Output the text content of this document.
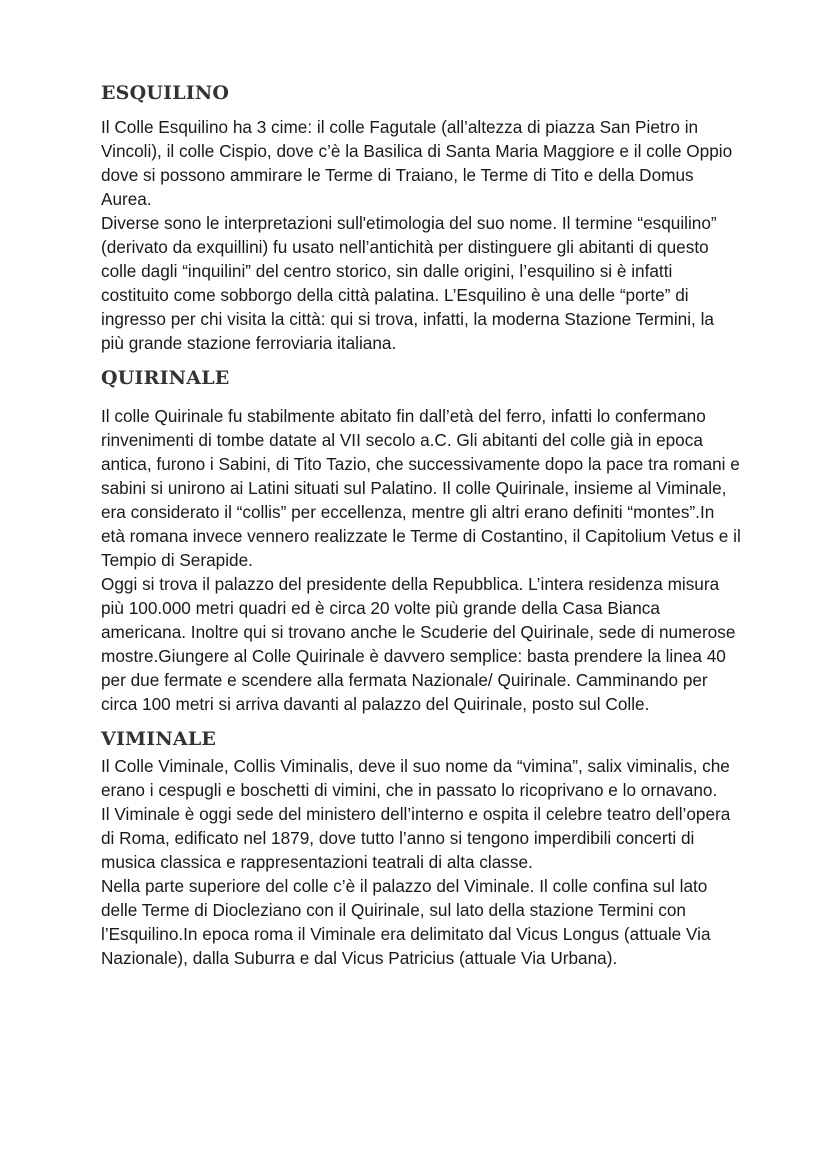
ESQUILINO

Il Colle Esquilino ha 3 cime: il colle Fagutale (all’altezza di piazza San Pietro in Vincoli), il colle Cispio, dove c’è la Basilica di Santa Maria Maggiore e il colle Oppio dove si possono ammirare le Terme di Traiano, le Terme di Tito e della Domus Aurea.

Diverse sono le interpretazioni sull'etimologia del suo nome. Il termine “esquilino” (derivato da exquillini) fu usato nell’antichità per distinguere gli abitanti di questo colle dagli “inquilini” del centro storico, sin dalle origini, l’esquilino si è infatti costituito come sobborgo della città palatina. L’Esquilino è una delle “porte” di ingresso per chi visita la città: qui si trova, infatti, la moderna Stazione Termini, la più grande stazione ferroviaria italiana.

QUIRINALE

Il colle Quirinale fu stabilmente abitato fin dall’età del ferro, infatti lo confermano rinvenimenti di tombe datate al VII secolo a.C. Gli abitanti del colle già in epoca antica, furono i Sabini, di Tito Tazio, che successivamente dopo la pace tra romani e sabini si unirono ai Latini situati sul Palatino. Il colle Quirinale, insieme al Viminale, era considerato il “collis” per eccellenza, mentre gli altri erano definiti “montes”.In età romana invece vennero realizzate le Terme di Costantino, il Capitolium Vetus e il Tempio di Serapide.

Oggi si trova il palazzo del presidente della Repubblica. L’intera residenza misura più 100.000 metri quadri ed è circa 20 volte più grande della Casa Bianca americana. Inoltre qui si trovano anche le Scuderie del Quirinale, sede di numerose mostre.Giungere al Colle Quirinale è davvero semplice: basta prendere la linea 40 per due fermate e scendere alla fermata Nazionale/ Quirinale. Camminando per circa 100 metri si arriva davanti al palazzo del Quirinale, posto sul Colle.

VIMINALE

Il Colle Viminale, Collis Viminalis, deve il suo nome da “vimina”, salix viminalis, che erano i cespugli e boschetti di vimini, che in passato lo ricoprivano e lo ornavano.

Il Viminale è oggi sede del ministero dell’interno e ospita il celebre teatro dell’opera di Roma, edificato nel 1879, dove tutto l’anno si tengono imperdibili concerti di musica classica e rappresentazioni teatrali di alta classe.

Nella parte superiore del colle c’è il palazzo del Viminale. Il colle confina sul lato delle Terme di Diocleziano con il Quirinale, sul lato della stazione Termini con l’Esquilino.In epoca roma il Viminale era delimitato dal Vicus Longus (attuale Via Nazionale), dalla Suburra e dal Vicus Patricius (attuale Via Urbana).
